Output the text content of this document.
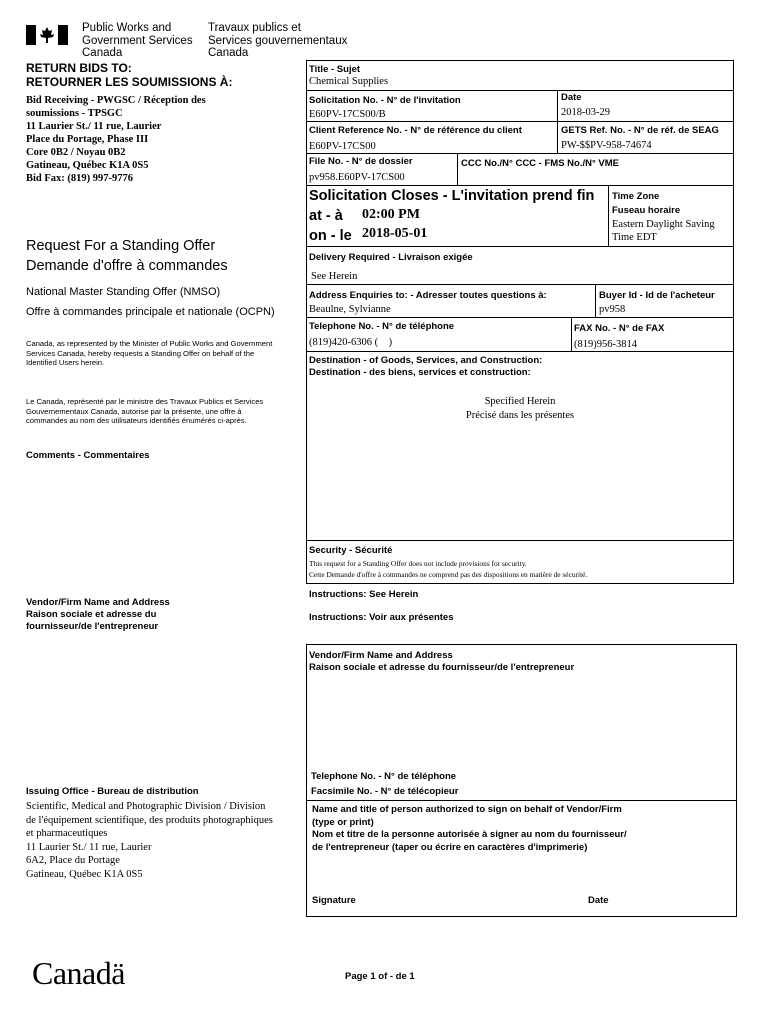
Public Works and
Government Services
Canada
Travaux publics et
Services gouvernementaux
Canada
RETURN BIDS TO:
RETOURNER LES SOUMISSIONS À:
Bid Receiving - PWGSC / Réception des
soumissions - TPSGC
11 Laurier St./ 11 rue, Laurier
Place du Portage, Phase III
Core 0B2 / Noyau 0B2
Gatineau, Québec K1A 0S5
Bid Fax: (819) 997-9776
Request For a Standing Offer
Demande d'offre à commandes
National Master Standing Offer (NMSO)
Offre à commandes principale et nationale (OCPN)
Canada, as represented by the Minister of Public Works and Government Services Canada, hereby requests a Standing Offer on behalf of the Identified Users herein.
Le Canada, représenté par le ministre des Travaux Publics et Services Gouvernementaux Canada, autorise par la présente, une offre à commandes au nom des utilisateurs identifiés énumérés ci-après.
Comments - Commentaires
Vendor/Firm Name and Address
Raison sociale et adresse du
fournisseur/de l'entrepreneur
Issuing Office - Bureau de distribution
Scientific, Medical and Photographic Division / Division
de l'équipement scientifique, des produits photographiques
et pharmaceutiques
11 Laurier St./ 11 rue, Laurier
6A2, Place du Portage
Gatineau, Québec K1A 0S5
Title - Sujet
Chemical Supplies
Solicitation No. - N° de l'invitation
E60PV-17CS00/B
Date
2018-03-29
Client Reference No. - N° de référence du client
E60PV-17CS00
GETS Ref. No. - N° de réf. de SEAG
PW-$$PV-958-74674
File No. - N° de dossier
pv958.E60PV-17CS00
CCC No./N° CCC - FMS No./N° VME
Solicitation Closes - L'invitation prend fin
at - à 02:00 PM
on - le 2018-05-01
Time Zone
Fuseau horaire
Eastern Daylight Saving
Time EDT
Delivery Required - Livraison exigée
See Herein
Address Enquiries to: - Adresser toutes questions à:
Beaulne, Sylvianne
Buyer Id - Id de l'acheteur
pv958
Telephone No. - N° de téléphone
(819)420-6306 (    )
FAX No. - N° de FAX
(819)956-3814
Destination - of Goods, Services, and Construction:
Destination - des biens, services et construction:
Specified Herein
Précisé dans les présentes
Security - Sécurité
This request for a Standing Offer does not include provisions for security.
Cette Demande d'offre à commandes ne comprend pas des dispositions en matière de sécurité.
Instructions: See Herein
Instructions: Voir aux présentes
Vendor/Firm Name and Address
Raison sociale et adresse du fournisseur/de l'entrepreneur
Telephone No. - N° de téléphone
Facsimile No. - N° de télécopieur
Name and title of person authorized to sign on behalf of Vendor/Firm
(type or print)
Nom et titre de la personne autorisée à signer au nom du fournisseur/
de l'entrepreneur (taper ou écrire en caractères d'imprimerie)
Signature	Date
Canadä	Page 1 of - de 1
